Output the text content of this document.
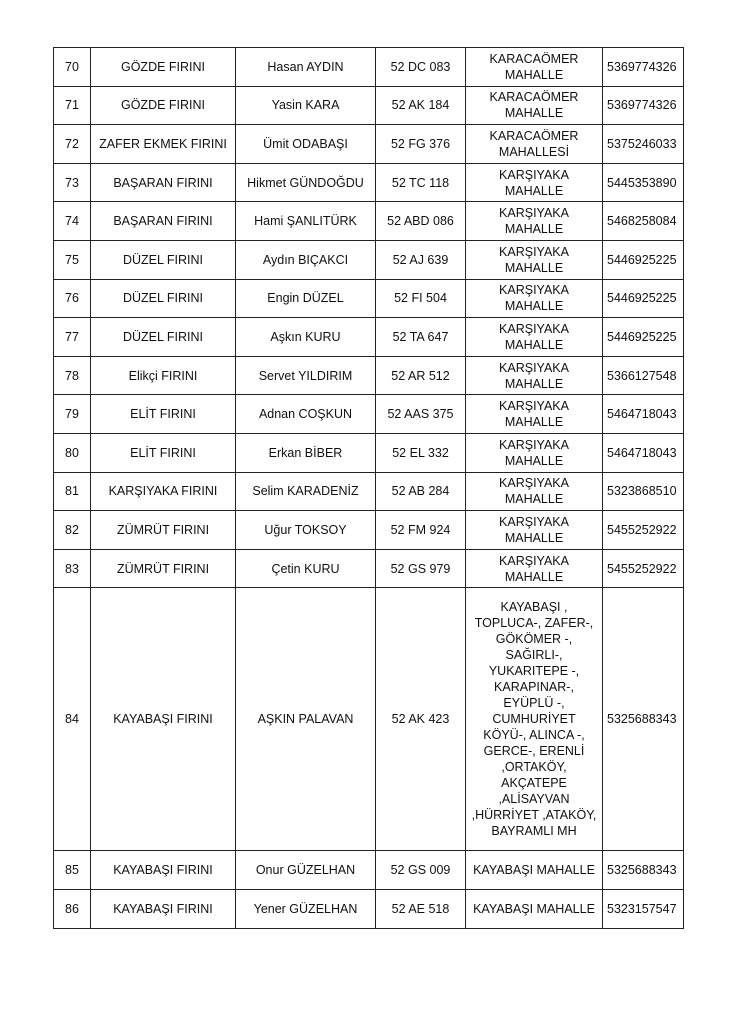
70	GÖZDE FIRINI	Hasan AYDIN	52 DC 083	KARACAÖMER MAHALLE	5369774326
71	GÖZDE FIRINI	Yasin KARA	52 AK 184	KARACAÖMER MAHALLE	5369774326
72	ZAFER EKMEK FIRINI	Ümit ODABAŞI	52 FG 376	KARACAÖMER MAHALLESİ	5375246033
73	BAŞARAN FIRINI	Hikmet GÜNDOĞDU	52 TC 118	KARŞIYAKA MAHALLE	5445353890
74	BAŞARAN FIRINI	Hami ŞANLITÜRK	52 ABD 086	KARŞIYAKA MAHALLE	5468258084
75	DÜZEL FIRINI	Aydın BIÇAKCI	52 AJ 639	KARŞIYAKA MAHALLE	5446925225
76	DÜZEL FIRINI	Engin DÜZEL	52 FI 504	KARŞIYAKA MAHALLE	5446925225
77	DÜZEL FIRINI	Aşkın KURU	52 TA 647	KARŞIYAKA MAHALLE	5446925225
78	Elikçi FIRINI	Servet YILDIRIM	52 AR 512	KARŞIYAKA MAHALLE	5366127548
79	ELİT FIRINI	Adnan COŞKUN	52 AAS 375	KARŞIYAKA MAHALLE	5464718043
80	ELİT FIRINI	Erkan BİBER	52 EL 332	KARŞIYAKA MAHALLE	5464718043
81	KARŞIYAKA FIRINI	Selim KARADENİZ	52 AB 284	KARŞIYAKA MAHALLE	5323868510
82	ZÜMRÜT FIRINI	Uğur TOKSOY	52 FM 924	KARŞIYAKA MAHALLE	5455252922
83	ZÜMRÜT FIRINI	Çetin KURU	52 GS 979	KARŞIYAKA MAHALLE	5455252922
84	KAYABAŞI FIRINI	AŞKIN PALAVAN	52 AK 423	KAYABAŞI , TOPLUCA-, ZAFER-, GÖKÖMER -, SAĞIRLI-, YUKARITEPE -, KARAPINAR-, EYÜPLÜ -, CUMHURİYET KÖYÜ-, ALINCA -, GERCE-, ERENLİ ,ORTAKÖY, AKÇATEPE ,ALİSAYVAN ,HÜRRİYET ,ATAKÖY, BAYRAMLI MH	5325688343
85	KAYABAŞI FIRINI	Onur GÜZELHAN	52 GS 009	KAYABAŞI MAHALLE	5325688343
86	KAYABAŞI FIRINI	Yener GÜZELHAN	52 AE 518	KAYABAŞI MAHALLE	5323157547
